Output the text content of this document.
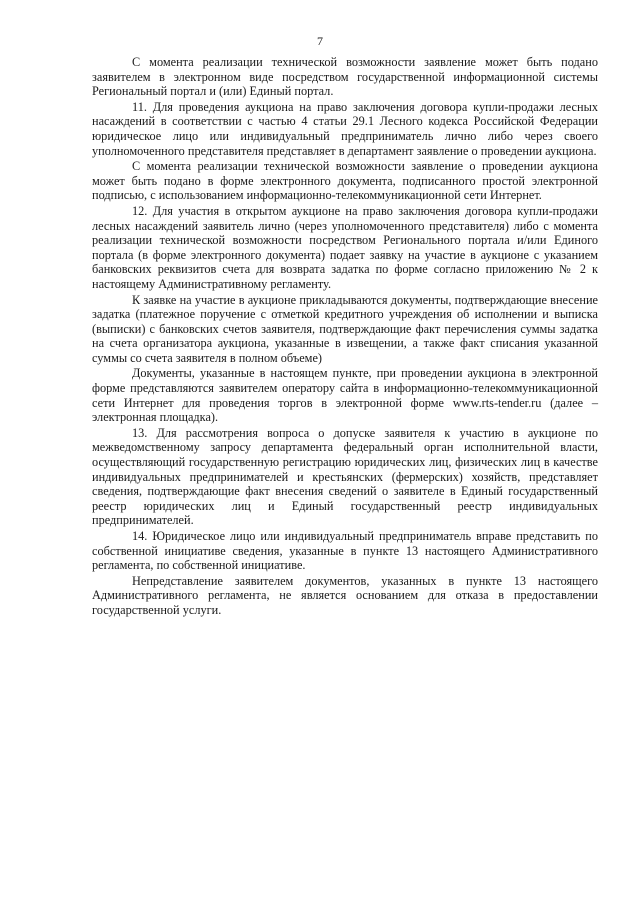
7

С момента реализации технической возможности заявление может быть подано заявителем в электронном виде посредством государственной информационной системы Региональный портал и (или) Единый портал.

11. Для проведения аукциона на право заключения договора купли-продажи лесных насаждений в соответствии с частью 4 статьи 29.1 Лесного кодекса Российской Федерации юридическое лицо или индивидуальный предприниматель лично либо через своего уполномоченного представителя представляет в департамент заявление о проведении аукциона.

С момента реализации технической возможности заявление о проведении аукциона может быть подано в форме электронного документа, подписанного простой электронной подписью, с использованием информационно-телекоммуникационной сети Интернет.

12. Для участия в открытом аукционе на право заключения договора купли-продажи лесных насаждений заявитель лично (через уполномоченного представителя) либо с момента реализации технической возможности посредством Регионального портала и/или Единого портала (в форме электронного документа) подает заявку на участие в аукционе с указанием банковских реквизитов счета для возврата задатка по форме согласно приложению № 2 к настоящему Административному регламенту.

К заявке на участие в аукционе прикладываются документы, подтверждающие внесение задатка (платежное поручение с отметкой кредитного учреждения об исполнении и выписка (выписки) с банковских счетов заявителя, подтверждающие факт перечисления суммы задатка на счета организатора аукциона, указанные в извещении, а также факт списания указанной суммы со счета заявителя в полном объеме)

Документы, указанные в настоящем пункте, при проведении аукциона в электронной форме представляются заявителем оператору сайта в информационно-телекоммуникационной сети Интернет для проведения торгов в электронной форме www.rts-tender.ru (далее – электронная площадка).

13. Для рассмотрения вопроса о допуске заявителя к участию в аукционе по межведомственному запросу департамента федеральный орган исполнительной власти, осуществляющий государственную регистрацию юридических лиц, физических лиц в качестве индивидуальных предпринимателей и крестьянских (фермерских) хозяйств, представляет сведения, подтверждающие факт внесения сведений о заявителе в Единый государственный реестр юридических лиц и Единый государственный реестр индивидуальных предпринимателей.

14. Юридическое лицо или индивидуальный предприниматель вправе представить по собственной инициативе сведения, указанные в пункте 13 настоящего Административного регламента, по собственной инициативе.

Непредставление заявителем документов, указанных в пункте 13 настоящего Административного регламента, не является основанием для отказа в предоставлении государственной услуги.
